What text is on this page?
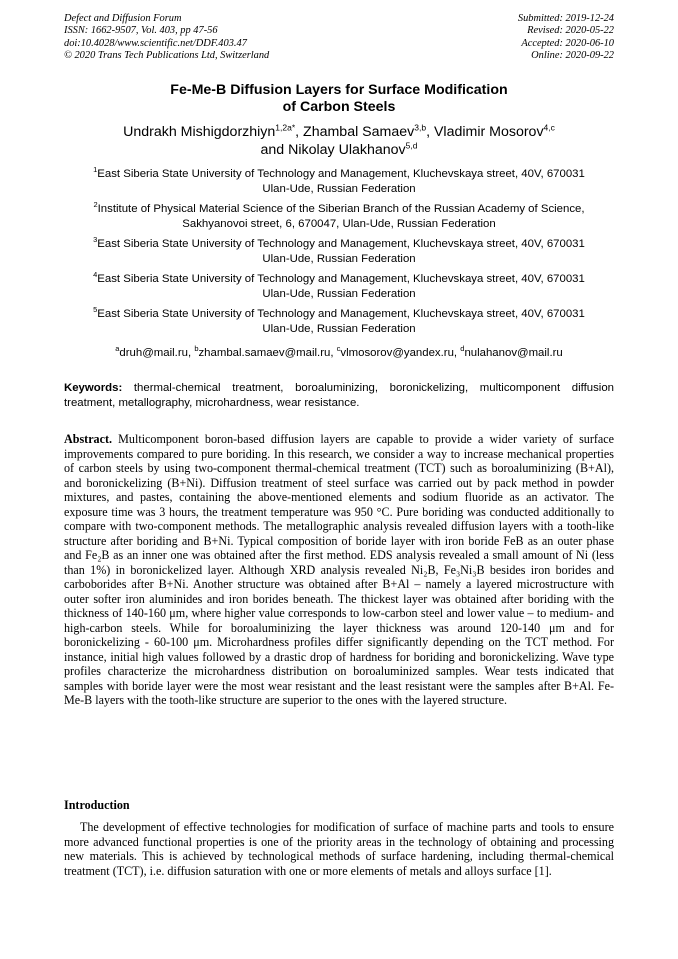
Defect and Diffusion Forum
ISSN: 1662-9507, Vol. 403, pp 47-56
doi:10.4028/www.scientific.net/DDF.403.47
© 2020 Trans Tech Publications Ltd, Switzerland
Submitted: 2019-12-24
Revised: 2020-05-22
Accepted: 2020-06-10
Online: 2020-09-22
Fe-Me-B Diffusion Layers for Surface Modification
of Carbon Steels
Undrakh Mishigdorzhiyn$^{1,2a*}$, Zhambal Samaev$^{3,b}$, Vladimir Mosorov$^{4,c}$
and Nikolay Ulakhanov$^{5,d}$
$^1$East Siberia State University of Technology and Management, Kluchevskaya street, 40V, 670031
Ulan-Ude, Russian Federation
$^2$Institute of Physical Material Science of the Siberian Branch of the Russian Academy of Science,
Sakhyanovoi street, 6, 670047, Ulan-Ude, Russian Federation
$^3$East Siberia State University of Technology and Management, Kluchevskaya street, 40V, 670031
Ulan-Ude, Russian Federation
$^4$East Siberia State University of Technology and Management, Kluchevskaya street, 40V, 670031
Ulan-Ude, Russian Federation
$^5$East Siberia State University of Technology and Management, Kluchevskaya street, 40V, 670031
Ulan-Ude, Russian Federation
$^a$druh@mail.ru, $^b$zhambal.samaev@mail.ru, $^c$vlmosorov@yandex.ru, $^d$nulahanov@mail.ru
Keywords: thermal-chemical treatment, boroaluminizing, boronickelizing, multicomponent diffusion treatment, metallography, microhardness, wear resistance.
Abstract. Multicomponent boron-based diffusion layers are capable to provide a wider variety of surface improvements compared to pure boriding. In this research, we consider a way to increase mechanical properties of carbon steels by using two-component thermal-chemical treatment (TCT) such as boroaluminizing (B+Al), and boronickelizing (B+Ni). Diffusion treatment of steel surface was carried out by pack method in powder mixtures, and pastes, containing the above-mentioned elements and sodium fluoride as an activator. The exposure time was 3 hours, the treatment temperature was 950 °C. Pure boriding was conducted additionally to compare with two-component methods. The metallographic analysis revealed diffusion layers with a tooth-like structure after boriding and B+Ni. Typical composition of boride layer with iron boride FeB as an outer phase and Fe₂B as an inner one was obtained after the first method. EDS analysis revealed a small amount of Ni (less than 1%) in boronickelized layer. Although XRD analysis revealed Ni₂B, Fe₃Ni₃B besides iron borides and carboborides after B+Ni. Another structure was obtained after B+Al – namely a layered microstructure with outer softer iron aluminides and iron borides beneath. The thickest layer was obtained after boriding with the thickness of 140-160 μm, where higher value corresponds to low-carbon steel and lower value – to medium- and high-carbon steels. While for boroaluminizing the layer thickness was around 120-140 μm and for boronickelizing - 60-100 μm. Microhardness profiles differ significantly depending on the TCT method. For instance, initial high values followed by a drastic drop of hardness for boriding and boronickelizing. Wave type profiles characterize the microhardness distribution on boroaluminized samples. Wear tests indicated that samples with boride layer were the most wear resistant and the least resistant were the samples after B+Al. Fe-Me-B layers with the tooth-like structure are superior to the ones with the layered structure.
Introduction
The development of effective technologies for modification of surface of machine parts and tools to ensure more advanced functional properties is one of the priority areas in the technology of obtaining and processing new materials. This is achieved by technological methods of surface hardening, including thermal-chemical treatment (TCT), i.e. diffusion saturation with one or more elements of metals and alloys surface [1].
